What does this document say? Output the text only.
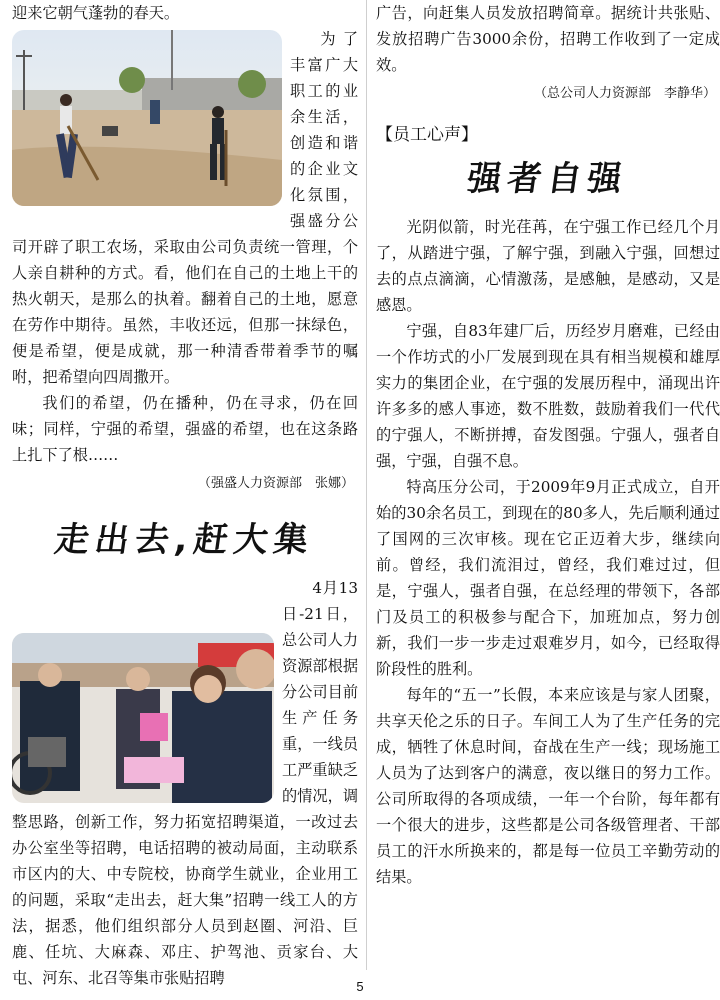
迎来它朝气蓬勃的春天。

为了丰富广大职工的业余生活，创造和谐的企业文化氛围，强盛分公司开辟了职工农场，采取由公司负责统一管理，个人亲自耕种的方式。看，他们在自己的土地上干的热火朝天，是那么的执着。翻着自己的土地，愿意在劳作中期待。虽然，丰收还远，但那一抹绿色，便是希望，便是成就，那一种清香带着季节的嘱咐，把希望向四周撒开。

我们的希望，仍在播种，仍在寻求，仍在回味；同样，宁强的希望，强盛的希望，也在这条路上扎下了根……

（强盛人力资源部　张娜）

走出去,赶大集

4月13日-21日，总公司人力资源部根据分公司目前生产任务重，一线员工严重缺乏的情况，调整思路，创新工作，努力拓宽招聘渠道，一改过去办公室坐等招聘，电话招聘的被动局面，主动联系市区内的大、中专院校，协商学生就业，企业用工的问题，采取“走出去，赶大集”招聘一线工人的方法，据悉，他们组织部分人员到赵圈、河沿、巨鹿、任坑、大麻森、邓庄、护驾池、贡家台、大屯、河东、北召等集市张贴招聘

广告，向赶集人员发放招聘简章。据统计共张贴、发放招聘广告3000余份，招聘工作收到了一定成效。

（总公司人力资源部　李静华）

【员工心声】
强者自强

光阴似箭，时光荏苒，在宁强工作已经几个月了，从踏进宁强，了解宁强，到融入宁强，回想过去的点点滴滴，心情激荡，是感触，是感动，又是感恩。

宁强，自83年建厂后，历经岁月磨难，已经由一个作坊式的小厂发展到现在具有相当规模和雄厚实力的集团企业，在宁强的发展历程中，涌现出许许多多的感人事迹，数不胜数，鼓励着我们一代代的宁强人，不断拼搏，奋发图强。宁强人，强者自强，宁强，自强不息。

特高压分公司，于2009年9月正式成立，自开始的30余名员工，到现在的80多人，先后顺利通过了国网的三次审核。现在它正迈着大步，继续向前。曾经，我们流泪过，曾经，我们难过过，但是，宁强人，强者自强，在总经理的带领下，各部门及员工的积极参与配合下，加班加点，努力创新，我们一步一步走过艰难岁月，如今，已经取得阶段性的胜利。

每年的“五一”长假，本来应该是与家人团聚，共享天伦之乐的日子。车间工人为了生产任务的完成，牺牲了休息时间，奋战在生产一线；现场施工人员为了达到客户的满意，夜以继日的努力工作。公司所取得的各项成绩，一年一个台阶，每年都有一个很大的进步，这些都是公司各级管理者、干部员工的汗水所换来的，都是每一位员工辛勤劳动的结果。

5
